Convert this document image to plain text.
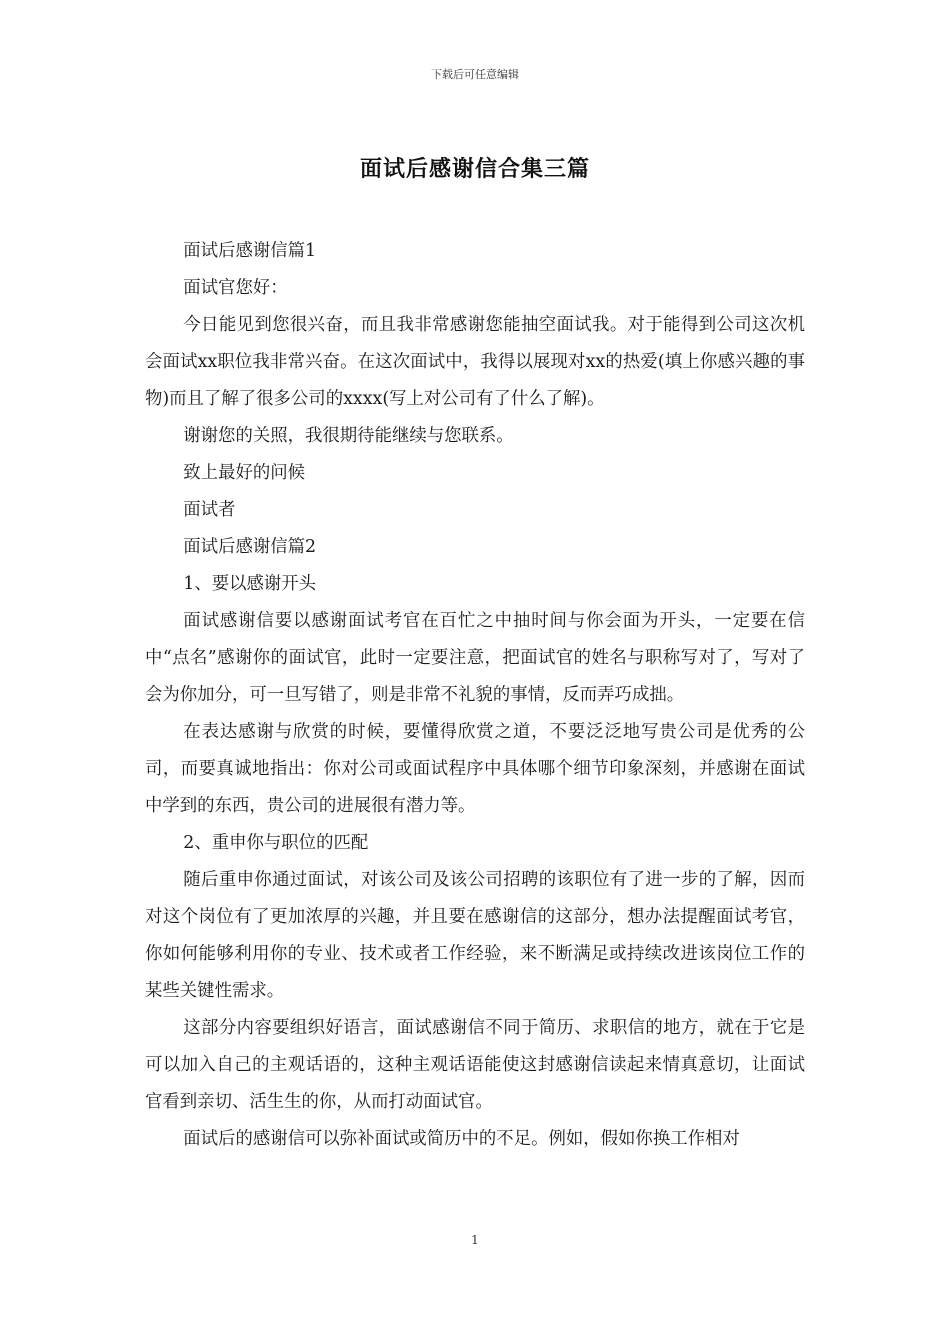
下载后可任意编辑
面试后感谢信合集三篇

面试后感谢信篇1

面试官您好：

今日能见到您很兴奋，而且我非常感谢您能抽空面试我。对于能得到公司这次机会面试xx职位我非常兴奋。在这次面试中，我得以展现对xx的热爱(填上你感兴趣的事物)而且了解了很多公司的xxxx(写上对公司有了什么了解)。

谢谢您的关照，我很期待能继续与您联系。

致上最好的问候

面试者

面试后感谢信篇2

1、要以感谢开头

面试感谢信要以感谢面试考官在百忙之中抽时间与你会面为开头，一定要在信中“点名”感谢你的面试官，此时一定要注意，把面试官的姓名与职称写对了，写对了会为你加分，可一旦写错了，则是非常不礼貌的事情，反而弄巧成拙。

在表达感谢与欣赏的时候，要懂得欣赏之道，不要泛泛地写贵公司是优秀的公司，而要真诚地指出：你对公司或面试程序中具体哪个细节印象深刻，并感谢在面试中学到的东西，贵公司的进展很有潜力等。

2、重申你与职位的匹配

随后重申你通过面试，对该公司及该公司招聘的该职位有了进一步的了解，因而对这个岗位有了更加浓厚的兴趣，并且要在感谢信的这部分，想办法提醒面试考官，你如何能够利用你的专业、技术或者工作经验，来不断满足或持续改进该岗位工作的某些关键性需求。

这部分内容要组织好语言，面试感谢信不同于简历、求职信的地方，就在于它是可以加入自己的主观话语的，这种主观话语能使这封感谢信读起来情真意切，让面试官看到亲切、活生生的你，从而打动面试官。

面试后的感谢信可以弥补面试或简历中的不足。例如，假如你换工作相对

1
